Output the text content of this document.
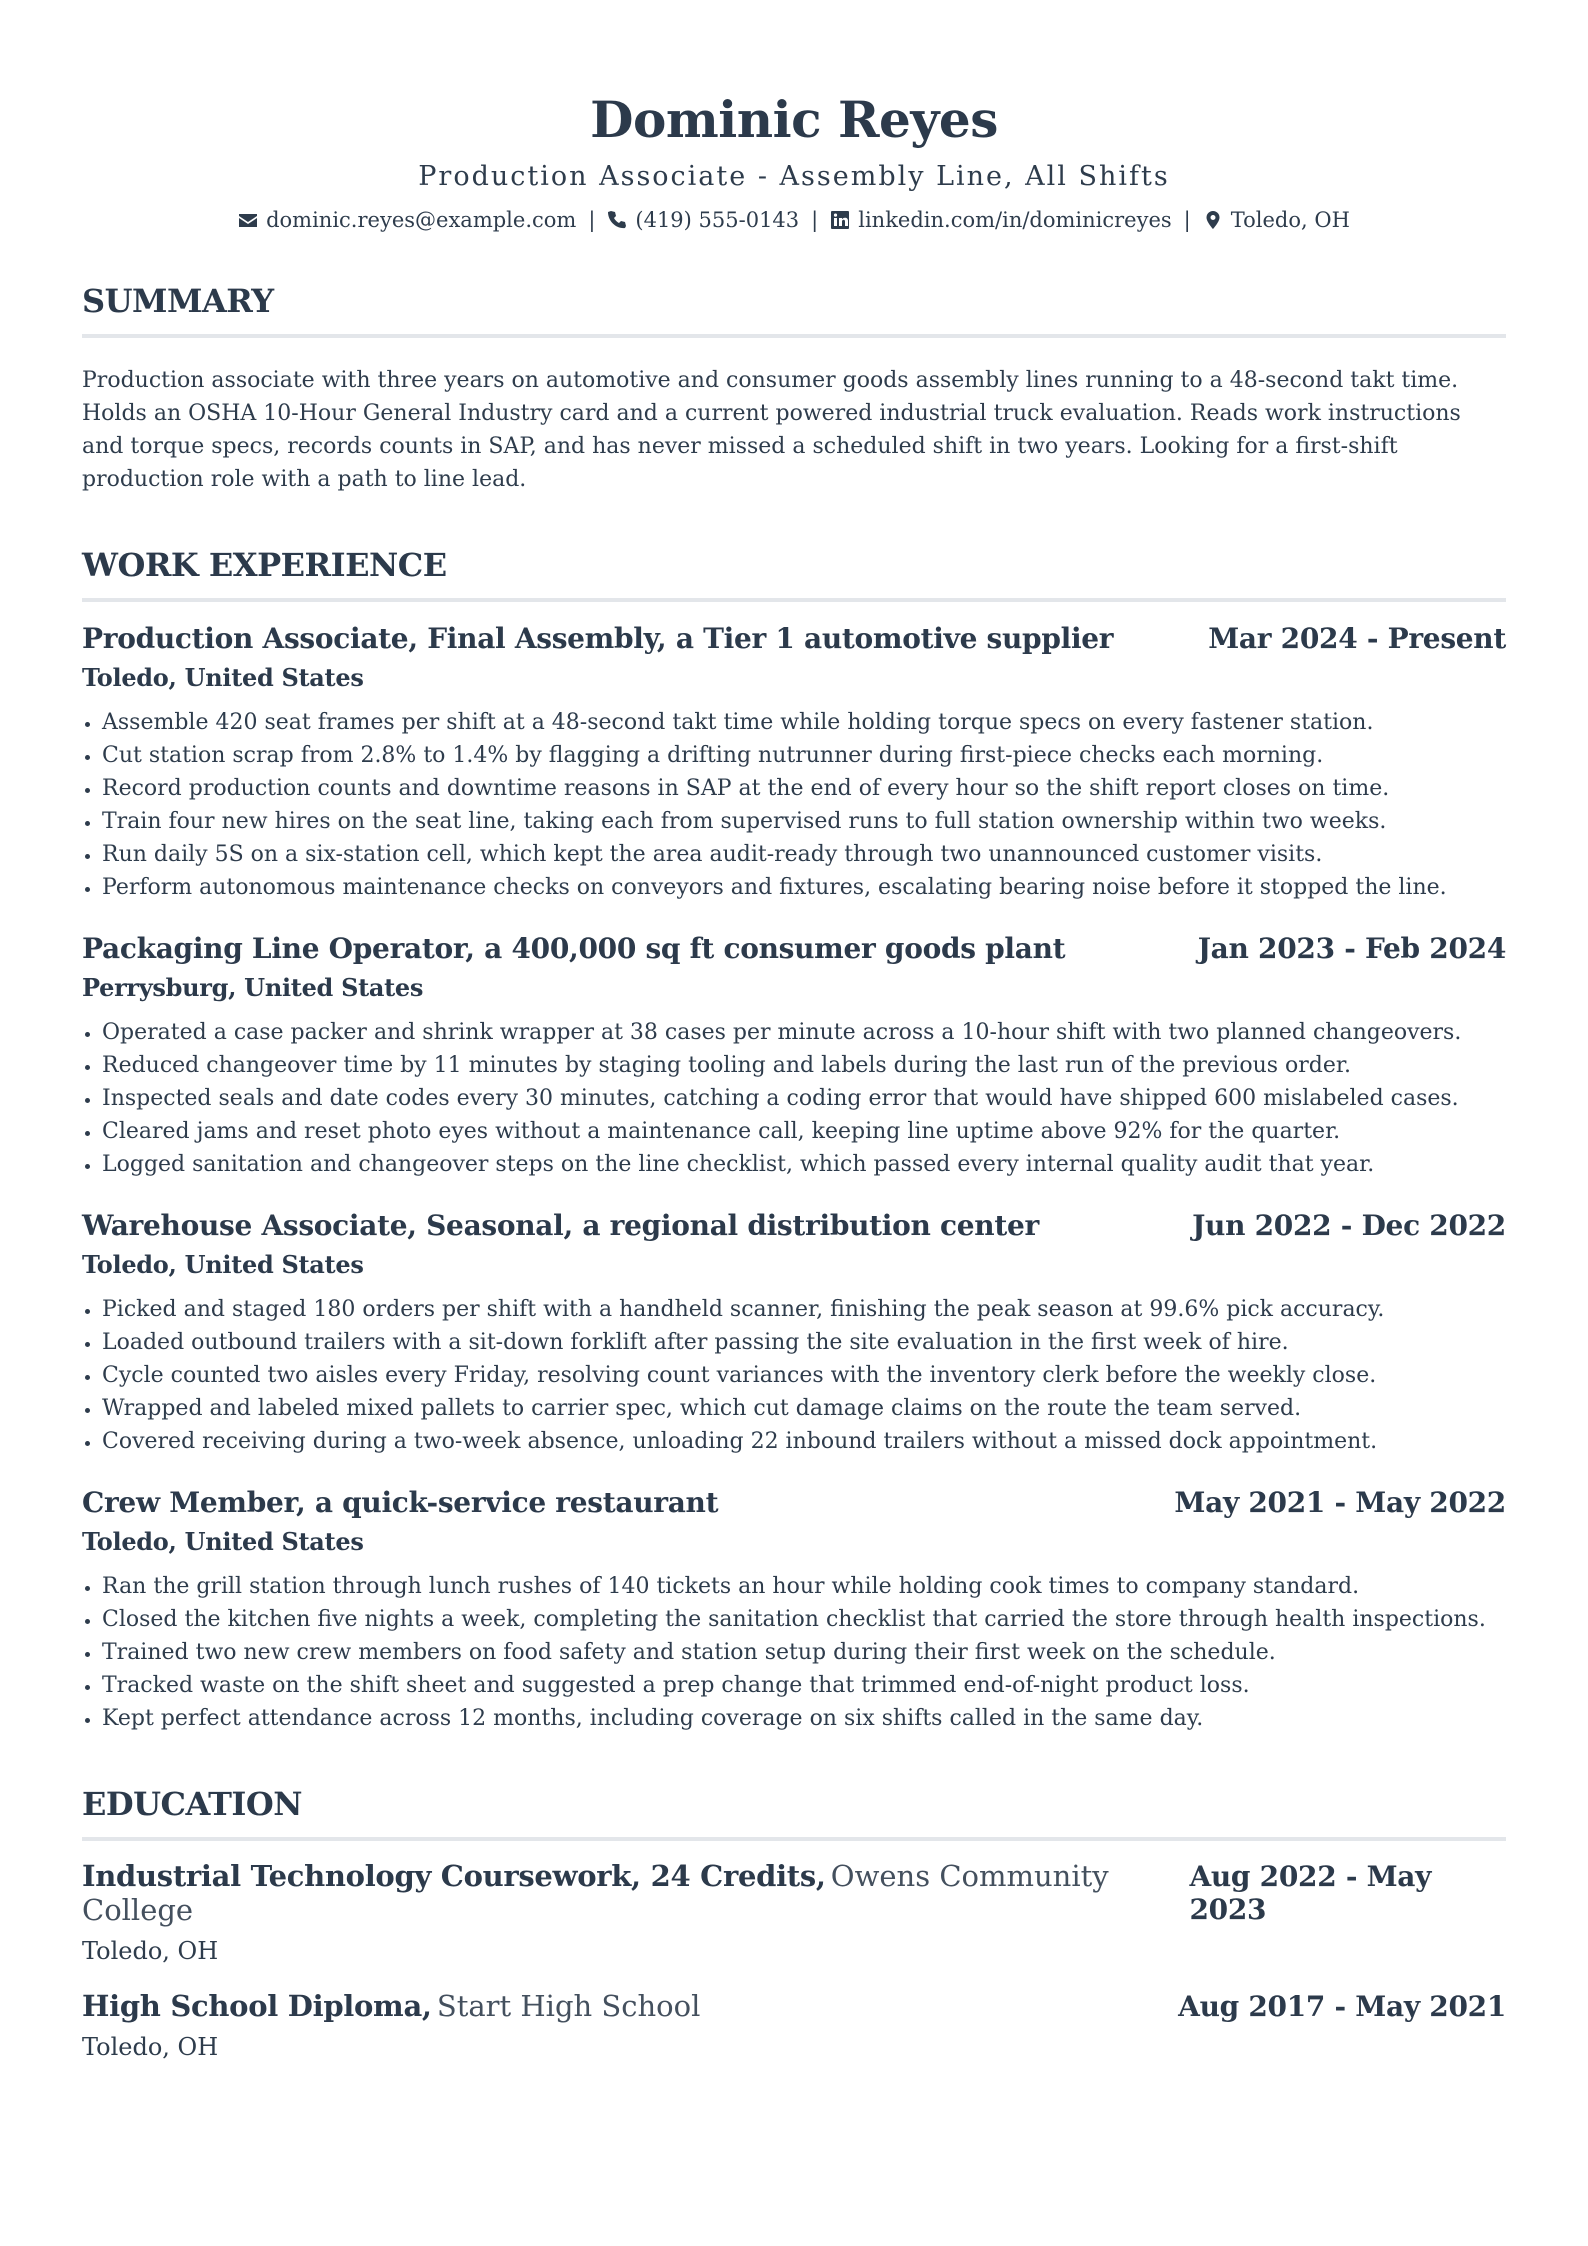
Dominic Reyes
Production Associate - Assembly Line, All Shifts
dominic.reyes@example.com | (419) 555-0143 | linkedin.com/in/dominicreyes | Toledo, OH
SUMMARY
Production associate with three years on automotive and consumer goods assembly lines running to a 48-second takt time. Holds an OSHA 10-Hour General Industry card and a current powered industrial truck evaluation. Reads work instructions and torque specs, records counts in SAP, and has never missed a scheduled shift in two years. Looking for a first-shift production role with a path to line lead.
WORK EXPERIENCE
Production Associate, Final Assembly, a Tier 1 automotive supplier	Mar 2024 - Present
Toledo, United States
• Assemble 420 seat frames per shift at a 48-second takt time while holding torque specs on every fastener station.
• Cut station scrap from 2.8% to 1.4% by flagging a drifting nutrunner during first-piece checks each morning.
• Record production counts and downtime reasons in SAP at the end of every hour so the shift report closes on time.
• Train four new hires on the seat line, taking each from supervised runs to full station ownership within two weeks.
• Run daily 5S on a six-station cell, which kept the area audit-ready through two unannounced customer visits.
• Perform autonomous maintenance checks on conveyors and fixtures, escalating bearing noise before it stopped the line.
Packaging Line Operator, a 400,000 sq ft consumer goods plant	Jan 2023 - Feb 2024
Perrysburg, United States
• Operated a case packer and shrink wrapper at 38 cases per minute across a 10-hour shift with two planned changeovers.
• Reduced changeover time by 11 minutes by staging tooling and labels during the last run of the previous order.
• Inspected seals and date codes every 30 minutes, catching a coding error that would have shipped 600 mislabeled cases.
• Cleared jams and reset photo eyes without a maintenance call, keeping line uptime above 92% for the quarter.
• Logged sanitation and changeover steps on the line checklist, which passed every internal quality audit that year.
Warehouse Associate, Seasonal, a regional distribution center	Jun 2022 - Dec 2022
Toledo, United States
• Picked and staged 180 orders per shift with a handheld scanner, finishing the peak season at 99.6% pick accuracy.
• Loaded outbound trailers with a sit-down forklift after passing the site evaluation in the first week of hire.
• Cycle counted two aisles every Friday, resolving count variances with the inventory clerk before the weekly close.
• Wrapped and labeled mixed pallets to carrier spec, which cut damage claims on the route the team served.
• Covered receiving during a two-week absence, unloading 22 inbound trailers without a missed dock appointment.
Crew Member, a quick-service restaurant	May 2021 - May 2022
Toledo, United States
• Ran the grill station through lunch rushes of 140 tickets an hour while holding cook times to company standard.
• Closed the kitchen five nights a week, completing the sanitation checklist that carried the store through health inspections.
• Trained two new crew members on food safety and station setup during their first week on the schedule.
• Tracked waste on the shift sheet and suggested a prep change that trimmed end-of-night product loss.
• Kept perfect attendance across 12 months, including coverage on six shifts called in the same day.
EDUCATION
Industrial Technology Coursework, 24 Credits, Owens Community College
Aug 2022 - May 2023
Toledo, OH
High School Diploma, Start High School	Aug 2017 - May 2021
Toledo, OH
